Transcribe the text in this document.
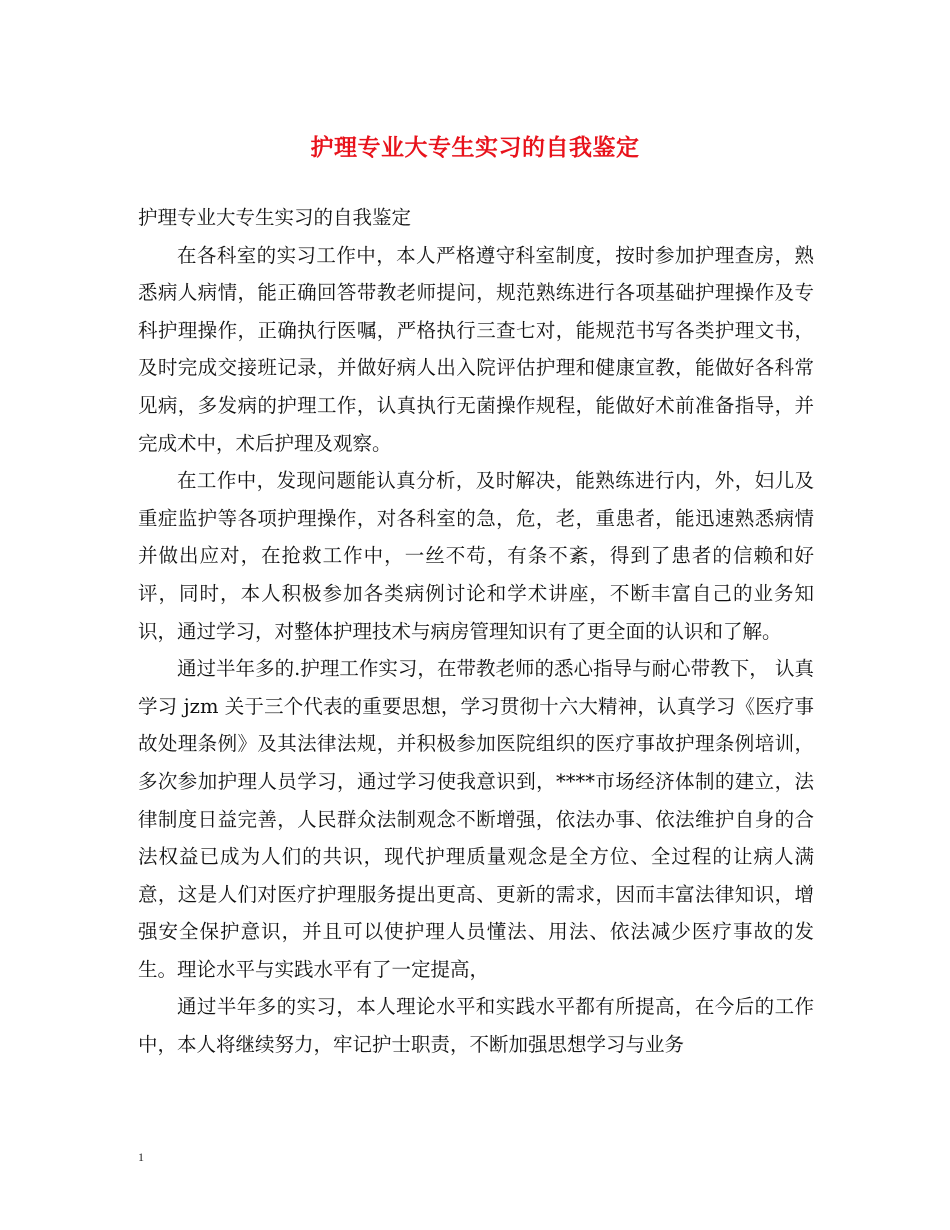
护理专业大专生实习的自我鉴定

护理专业大专生实习的自我鉴定

在各科室的实习工作中，本人严格遵守科室制度，按时参加护理查房，熟悉病人病情，能正确回答带教老师提问，规范熟练进行各项基础护理操作及专科护理操作，正确执行医嘱，严格执行三查七对，能规范书写各类护理文书，及时完成交接班记录，并做好病人出入院评估护理和健康宣教，能做好各科常见病，多发病的护理工作，认真执行无菌操作规程，能做好术前准备指导，并完成术中，术后护理及观察。

在工作中，发现问题能认真分析，及时解决，能熟练进行内，外，妇儿及重症监护等各项护理操作，对各科室的急，危，老，重患者，能迅速熟悉病情并做出应对，在抢救工作中，一丝不苟，有条不紊，得到了患者的信赖和好评，同时，本人积极参加各类病例讨论和学术讲座，不断丰富自己的业务知识，通过学习，对整体护理技术与病房管理知识有了更全面的认识和了解。

通过半年多的.护理工作实习，在带教老师的悉心指导与耐心带教下， 认真学习 jzm 关于三个代表的重要思想，学习贯彻十六大精神，认真学习《医疗事故处理条例》及其法律法规，并积极参加医院组织的医疗事故护理条例培训，多次参加护理人员学习，通过学习使我意识到，****市场经济体制的建立，法律制度日益完善，人民群众法制观念不断增强，依法办事、依法维护自身的合法权益已成为人们的共识，现代护理质量观念是全方位、全过程的让病人满意，这是人们对医疗护理服务提出更高、更新的需求，因而丰富法律知识，增强安全保护意识，并且可以使护理人员懂法、用法、依法减少医疗事故的发生。理论水平与实践水平有了一定提高，

通过半年多的实习，本人理论水平和实践水平都有所提高，在今后的工作中，本人将继续努力，牢记护士职责，不断加强思想学习与业务

1
